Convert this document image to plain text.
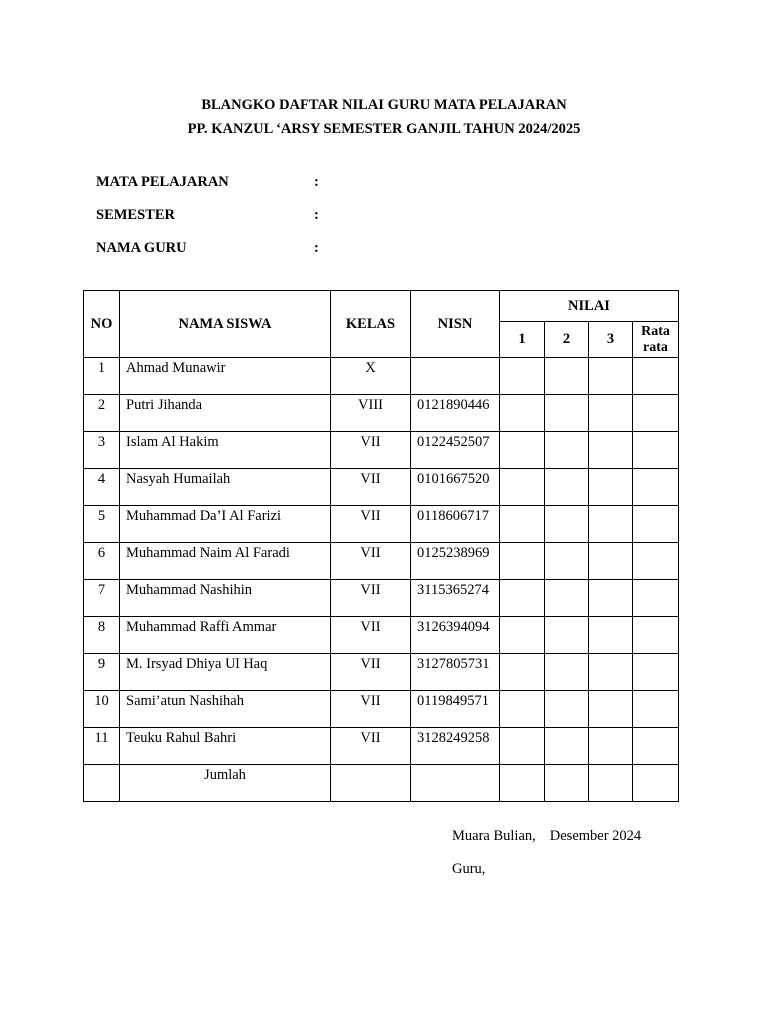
BLANGKO DAFTAR NILAI GURU MATA PELAJARAN
PP. KANZUL ‘ARSY SEMESTER GANJIL TAHUN 2024/2025
MATA PELAJARAN	:
SEMESTER	:
NAMA GURU	:
NO	NAMA SISWA	KELAS	NISN	NILAI			
				1	2	3	Rata rata
1	Ahmad Munawir	X					
2	Putri Jihanda	VIII	0121890446				
3	Islam Al Hakim	VII	0122452507				
4	Nasyah Humailah	VII	0101667520				
5	Muhammad Da’I Al Farizi	VII	0118606717				
6	Muhammad Naim Al Faradi	VII	0125238969				
7	Muhammad Nashihin	VII	3115365274				
8	Muhammad Raffi Ammar	VII	3126394094				
9	M. Irsyad Dhiya Ul Haq	VII	3127805731				
10	Sami’atun Nashihah	VII	0119849571				
11	Teuku Rahul Bahri	VII	3128249258				
	Jumlah						
Muara Bulian, Desember 2024
Guru,
